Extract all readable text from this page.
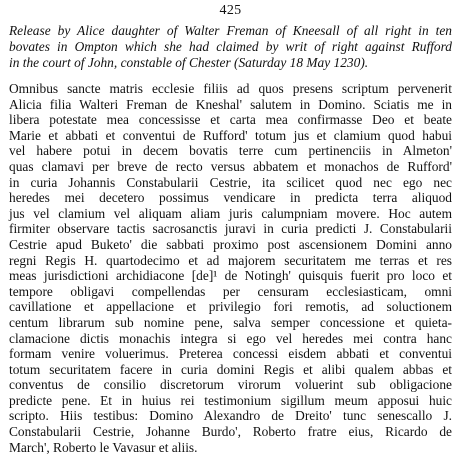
425
Release by Alice daughter of Walter Freman of Kneesall of all right in ten
bovates in Ompton which she had claimed by writ of right against Rufford
in the court of John, constable of Chester (Saturday 18 May 1230).
Omnibus sancte matris ecclesie filiis ad quos presens scriptum pervenerit
Alicia filia Walteri Freman de Kneshal' salutem in Domino. Sciatis me in
libera potestate mea concessisse et carta mea confirmasse Deo et beate
Marie et abbati et conventui de Rufford' totum jus et clamium quod habui
vel habere potui in decem bovatis terre cum pertinenciis in Almeton'
quas clamavi per breve de recto versus abbatem et monachos de Rufford'
in curia Johannis Constabularii Cestrie, ita scilicet quod nec ego nec
heredes mei decetero possimus vendicare in predicta terra aliquod
jus vel clamium vel aliquam aliam juris calumpniam movere. Hoc autem
firmiter observare tactis sacrosanctis juravi in curia predicti J. Constabularii
Cestrie apud Buketo' die sabbati proximo post ascensionem Domini anno
regni Regis H. quartodecimo et ad majorem securitatem me terras et res
meas jurisdictioni archidiacone [de]¹ de Notingh' quisquis fuerit pro loco et
tempore obligavi compellendas per censuram ecclesiasticam, omni
cavillatione et appellacione et privilegio fori remotis, ad soluctionem
centum librarum sub nomine pene, salva semper concessione et quieta-
clamacione dictis monachis integra si ego vel heredes mei contra hanc
formam venire voluerimus. Preterea concessi eisdem abbati et conventui
totum securitatem facere in curia domini Regis et alibi qualem abbas et
conventus de consilio discretorum virorum voluerint sub obligacione
predicte pene. Et in huius rei testimonium sigillum meum apposui huic
scripto. Hiis testibus: Domino Alexandro de Dreito' tunc senescallo J.
Constabularii Cestrie, Johanne Burdo', Roberto fratre eius, Ricardo de
March', Roberto le Vavasur et aliis.
